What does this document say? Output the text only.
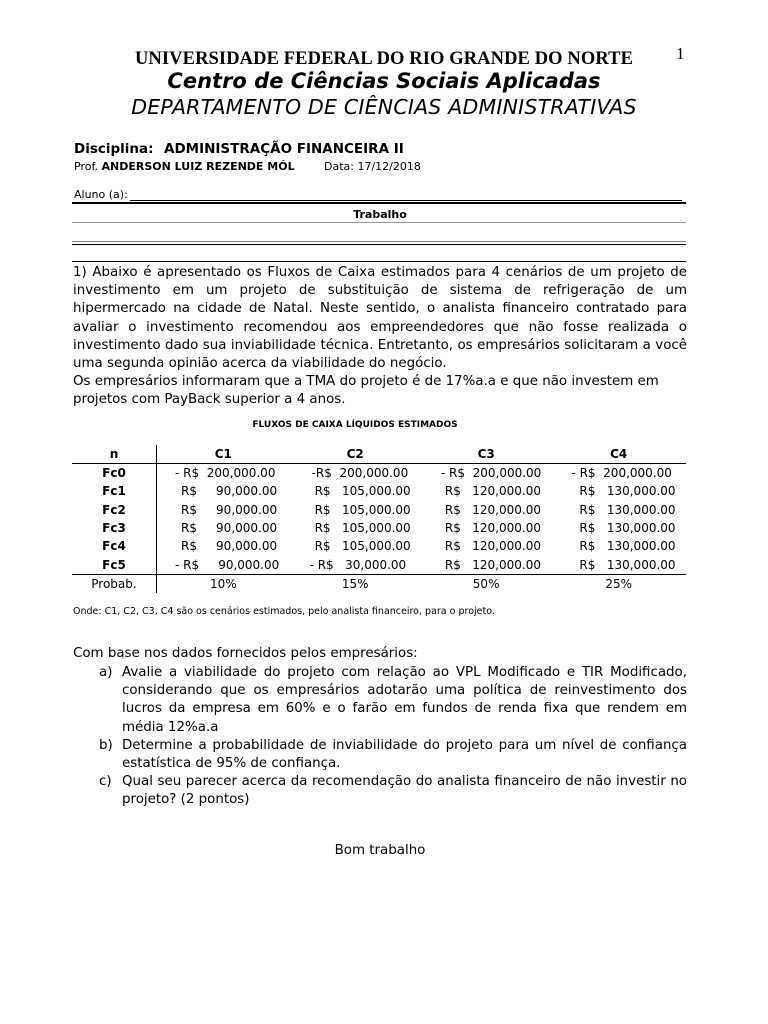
1
UNIVERSIDADE FEDERAL DO RIO GRANDE DO NORTE
Centro de Ciências Sociais Aplicadas
DEPARTAMENTO DE CIÊNCIAS ADMINISTRATIVAS
Disciplina: ADMINISTRAÇÃO FINANCEIRA II
Prof. ANDERSON LUIZ REZENDE MÓL	Data: 17/12/2018
Aluno (a):
Trabalho

1) Abaixo é apresentado os Fluxos de Caixa estimados para 4 cenários de um projeto de investimento em um projeto de substituição de sistema de refrigeração de um hipermercado na cidade de Natal. Neste sentido, o analista financeiro contratado para avaliar o investimento recomendou aos empreendedores que não fosse realizada o investimento dado sua inviabilidade técnica. Entretanto, os empresários solicitaram a você uma segunda opinião acerca da viabilidade do negócio.

Os empresários informaram que a TMA do projeto é de 17%a.a e que não investem em projetos com PayBack superior a 4 anos.

FLUXOS DE CAIXA LÍQUIDOS ESTIMADOS
n	C1	C2	C3	C4
Fc0	- R$  200,000.00	-R$  200,000.00	- R$  200,000.00	- R$  200,000.00
Fc1	R$     90,000.00	R$   105,000.00	R$   120,000.00	R$   130,000.00
Fc2	R$     90,000.00	R$   105,000.00	R$   120,000.00	R$   130,000.00
Fc3	R$     90,000.00	R$   105,000.00	R$   120,000.00	R$   130,000.00
Fc4	R$     90,000.00	R$   105,000.00	R$   120,000.00	R$   130,000.00
Fc5	- R$     90,000.00	- R$   30,000.00	R$   120,000.00	R$   130,000.00
Probab.	10%	15%	50%	25%
Onde: C1, C2, C3, C4 são os cenários estimados, pelo analista financeiro, para o projeto.
Com base nos dados fornecidos pelos empresários:
a) Avalie a viabilidade do projeto com relação ao VPL Modificado e TIR Modificado, considerando que os empresários adotarão uma política de reinvestimento dos lucros da empresa em 60% e o farão em fundos de renda fixa que rendem em média 12%a.a
b) Determine a probabilidade de inviabilidade do projeto para um nível de confiança estatística de 95% de confiança.
c) Qual seu parecer acerca da recomendação do analista financeiro de não investir no projeto? (2 pontos)
Bom trabalho
